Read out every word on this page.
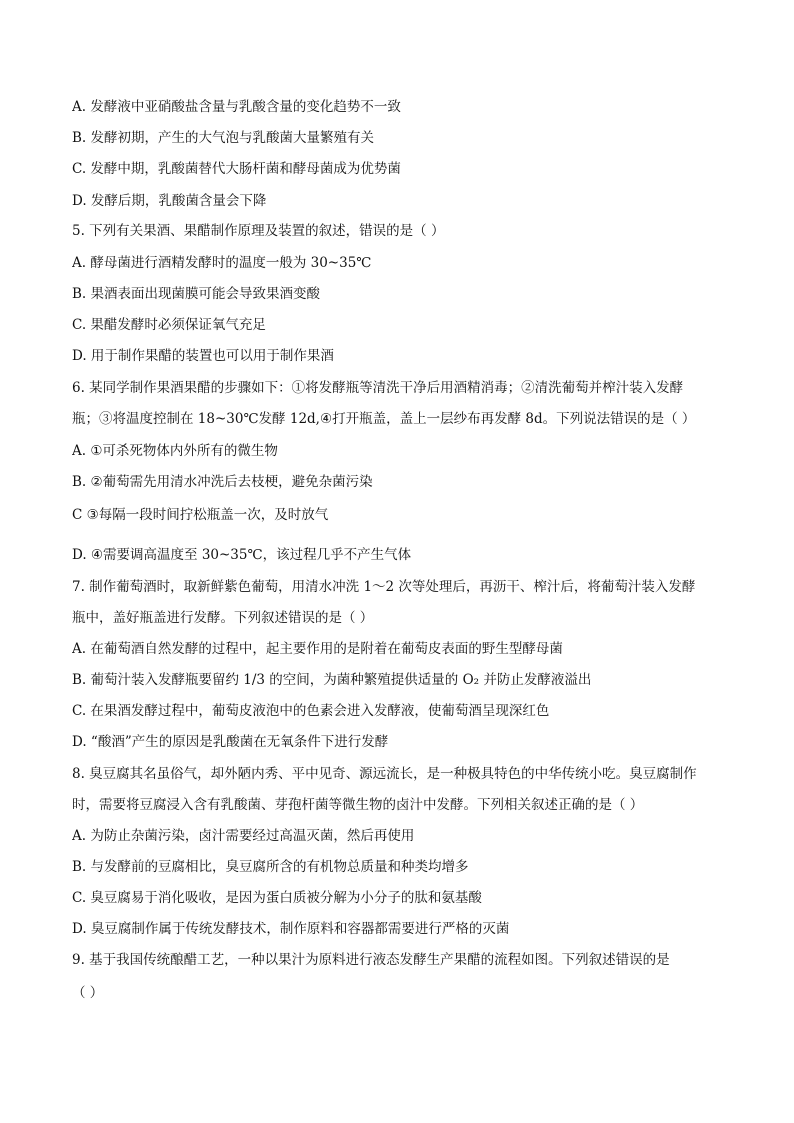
A. 发酵液中亚硝酸盐含量与乳酸含量的变化趋势不一致
B. 发酵初期，产生的大气泡与乳酸菌大量繁殖有关
C. 发酵中期，乳酸菌替代大肠杆菌和酵母菌成为优势菌
D. 发酵后期，乳酸菌含量会下降
5. 下列有关果酒、果醋制作原理及装置的叙述，错误的是（ ）
A. 酵母菌进行酒精发酵时的温度一般为 30~35℃
B. 果酒表面出现菌膜可能会导致果酒变酸
C. 果醋发酵时必须保证氧气充足
D. 用于制作果醋的装置也可以用于制作果酒
6. 某同学制作果酒果醋的步骤如下：①将发酵瓶等清洗干净后用酒精消毒；②清洗葡萄并榨汁装入发酵
瓶；③将温度控制在 18~30℃发酵 12d,④打开瓶盖，盖上一层纱布再发酵 8d。下列说法错误的是（ ）
A. ①可杀死物体内外所有的微生物
B. ②葡萄需先用清水冲洗后去枝梗，避免杂菌污染
C ③每隔一段时间拧松瓶盖一次，及时放气
D. ④需要调高温度至 30~35℃，该过程几乎不产生气体
7. 制作葡萄酒时，取新鲜紫色葡萄，用清水冲洗 1～2 次等处理后，再沥干、榨汁后，将葡萄汁装入发酵
瓶中，盖好瓶盖进行发酵。下列叙述错误的是（ ）
A. 在葡萄酒自然发酵的过程中，起主要作用的是附着在葡萄皮表面的野生型酵母菌
B. 葡萄汁装入发酵瓶要留约 1/3 的空间，为菌种繁殖提供适量的 O₂ 并防止发酵液溢出
C. 在果酒发酵过程中，葡萄皮液泡中的色素会进入发酵液，使葡萄酒呈现深红色
D. “酸酒”产生的原因是乳酸菌在无氧条件下进行发酵
8. 臭豆腐其名虽俗气，却外陋内秀、平中见奇、源远流长，是一种极具特色的中华传统小吃。臭豆腐制作
时，需要将豆腐浸入含有乳酸菌、芽孢杆菌等微生物的卤汁中发酵。下列相关叙述正确的是（ ）
A. 为防止杂菌污染，卤汁需要经过高温灭菌，然后再使用
B. 与发酵前的豆腐相比，臭豆腐所含的有机物总质量和种类均增多
C. 臭豆腐易于消化吸收，是因为蛋白质被分解为小分子的肽和氨基酸
D. 臭豆腐制作属于传统发酵技术，制作原料和容器都需要进行严格的灭菌
9. 基于我国传统酿醋工艺，一种以果汁为原料进行液态发酵生产果醋的流程如图。下列叙述错误的是
（ ）
